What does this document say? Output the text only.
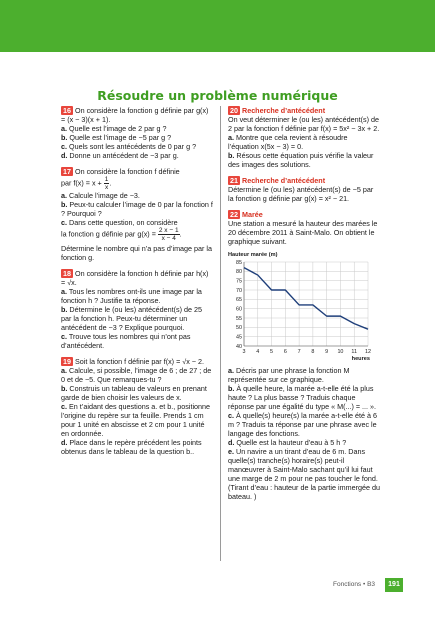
Résoudre un problème numérique

16 On considère la fonction g définie par g(x) = (x − 3)(x + 1).

a. Quelle est l’image de 2 par g ?

b. Quelle est l’image de −5 par g ?

c. Quels sont les antécédents de 0 par g ?

d. Donne un antécédent de −3 par g.

17 On considère la fonction f définie

par $f(x) = x + \frac{1}{x}$ .

a. Calcule l’image de −3.

b. Peux-tu calculer l’image de 0 par la fonction f ? Pourquoi ?

c. Dans cette question, on considère

la fonction g définie par $g(x) = \frac{2 x - 1}{x - 4}$ .

Détermine le nombre qui n’a pas d’image par la fonction g.

18 On considère la fonction h définie par h(x) = √x.

a. Tous les nombres ont-ils une image par la fonction h ? Justifie ta réponse.

b. Détermine le (ou les) antécédent(s) de 25 par la fonction h. Peux-tu déterminer un antécédent de −3 ? Explique pourquoi.

c. Trouve tous les nombres qui n’ont pas d’antécédent.

19 Soit la fonction f définie par f(x) = √x − 2.

a. Calcule, si possible, l’image de 6 ; de 27 ; de 0 et de −5. Que remarques-tu ?

b. Construis un tableau de valeurs en prenant garde de bien choisir les valeurs de x.

c. En t’aidant des questions a. et b., positionne l’origine du repère sur ta feuille. Prends 1 cm pour 1 unité en abscisse et 2 cm pour 1 unité en ordonnée.

d. Place dans le repère précédent les points obtenus dans le tableau de la question b..

20 Recherche d’antécédent

On veut déterminer le (ou les) antécédent(s) de 2 par la fonction f définie par f(x) = 5x² − 3x + 2.

a. Montre que cela revient à résoudre l’équation x(5x − 3) = 0.

b. Résous cette équation puis vérifie la valeur des images des solutions.

21 Recherche d’antécédent

Détermine le (ou les) antécédent(s) de −5 par la fonction g définie par g(x) = x² − 21.

22 Marée

Une station a mesuré la hauteur des marées le 20 décembre 2011 à Saint-Malo. On obtient le graphique suivant.

Hauteur marée (m)
40
45
50
55
60
65
70
75
80
85
3 4 5 6 7 8 9 10 11 12
heures

a. Décris par une phrase la fonction M représentée sur ce graphique.

b. À quelle heure, la marée a-t-elle été la plus haute ? La plus basse ? Traduis chaque réponse par une égalité du type « M(...) = ... ».

c. À quelle(s) heure(s) la marée a-t-elle été à 6 m ? Traduis ta réponse par une phrase avec le langage des fonctions.

d. Quelle est la hauteur d’eau à 5 h ?

e. Un navire a un tirant d’eau de 6 m. Dans quelle(s) tranche(s) horaire(s) peut-il manœuvrer à Saint-Malo sachant qu’il lui faut une marge de 2 m pour ne pas toucher le fond. (Tirant d’eau : hauteur de la partie immergée du bateau. )

Fonctions • B3	191
